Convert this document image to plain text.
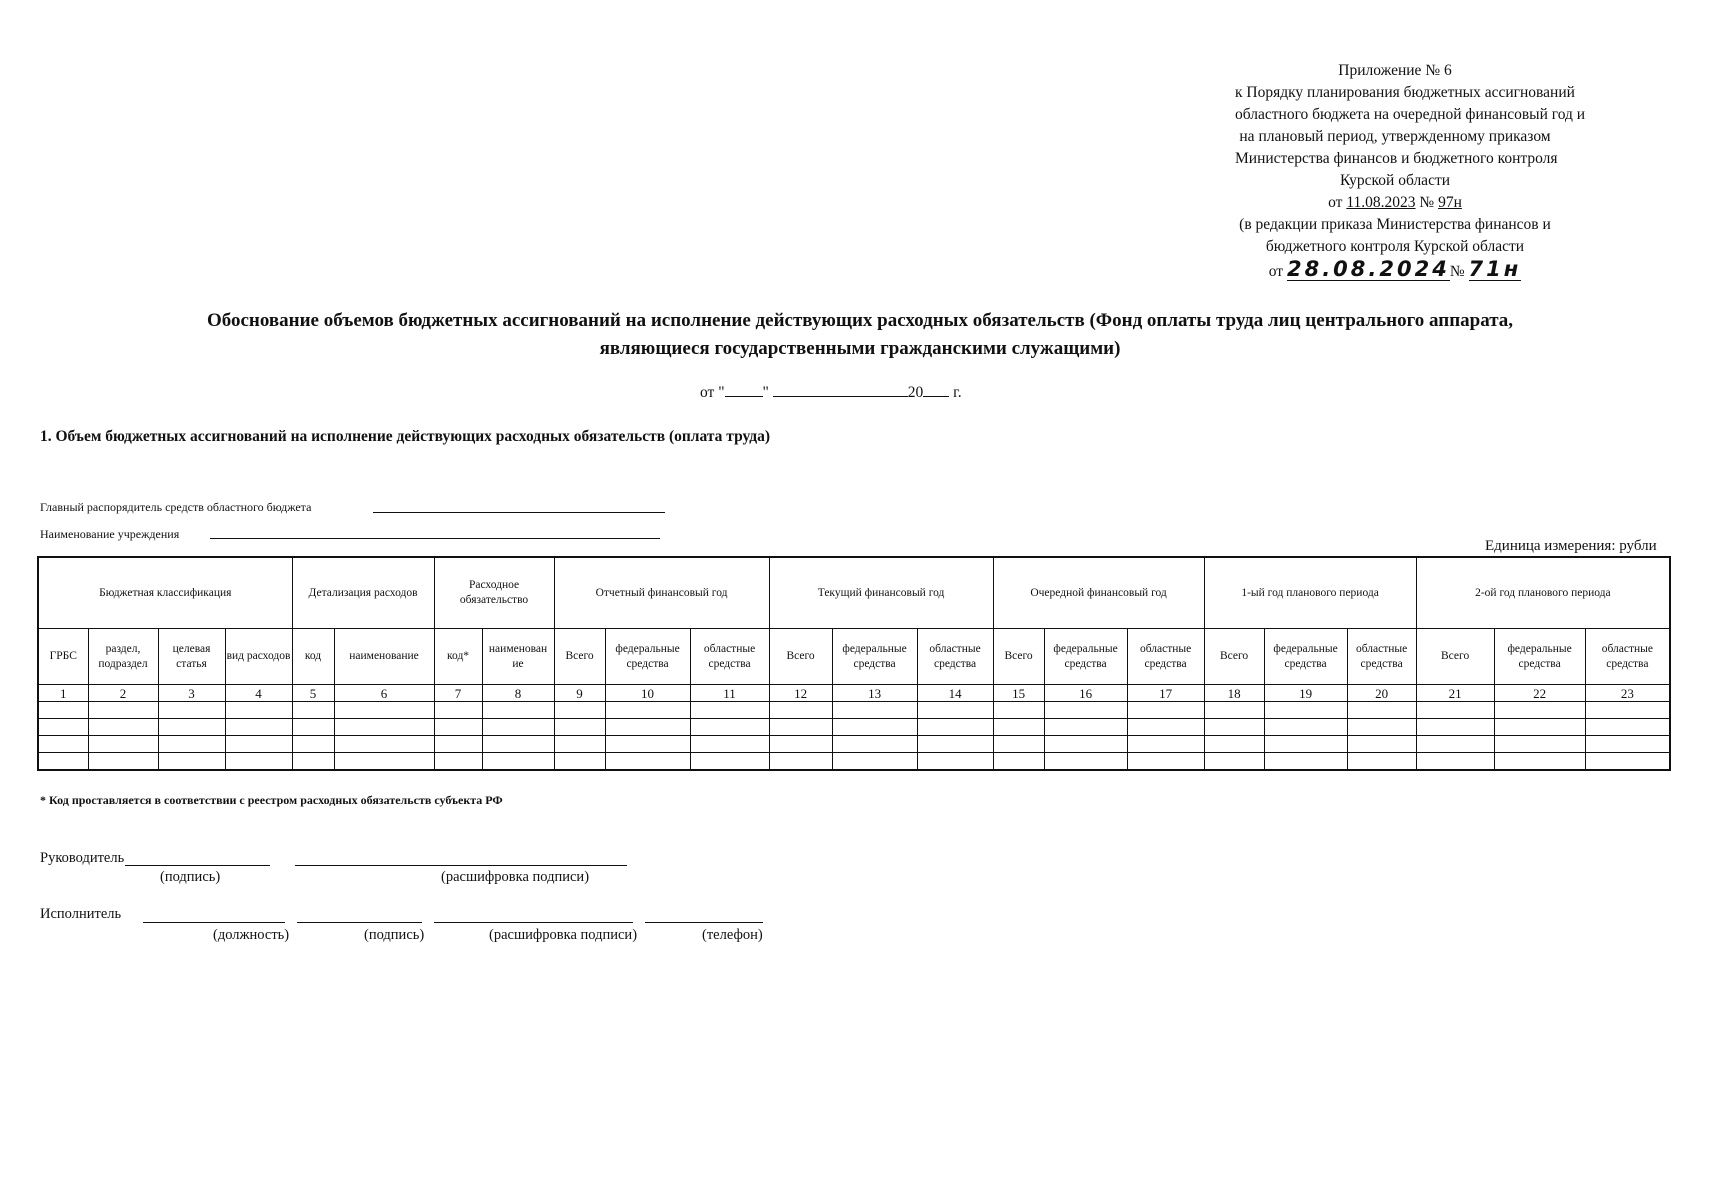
Приложение № 6
к Порядку планирования бюджетных ассигнований
областного бюджета на очередной финансовый год и
на плановый период, утвержденному приказом
Министерства финансов и бюджетного контроля
Курской области
от 11.08.2023 № 97н
(в редакции приказа Министерства финансов и
бюджетного контроля Курской области
от 28.08.2024№ 71н
Обоснование объемов бюджетных ассигнований на исполнение действующих расходных обязательств (Фонд оплаты труда лиц центрального аппарата,
являющиеся государственными гражданскими служащими)
от " "	20 г.
1. Объем бюджетных ассигнований на исполнение действующих расходных обязательств (оплата труда)
Главный распорядитель средств областного бюджета
Наименование учреждения
Единица измерения: рубли
Бюджетная классификация				Детализация расходов		Расходное обязательство		Отчетный финансовый год			Текущий финансовый год			Очередной финансовый год			1-ый год планового периода			2-ой год планового периода		
ГРБС	раздел, подраздел	целевая статья	вид расходов	код	наименование	код*	наименован ие	Всего	федеральные средства	областные средства	Всего	федеральные средства	областные средства	Всего	федеральные средства	областные средства	Всего	федеральные средства	областные средства	Всего	федеральные средства	областные средства
1	2	3	4	5	6	7	8	9	10	11	12	13	14	15	16	17	18	19	20	21	22	23

* Код проставляется в соответствии с реестром расходных обязательств субъекта РФ
Руководитель
(подпись)	(расшифровка подписи)
Исполнитель
(должность)	(подпись)	(расшифровка подписи)	(телефон)
